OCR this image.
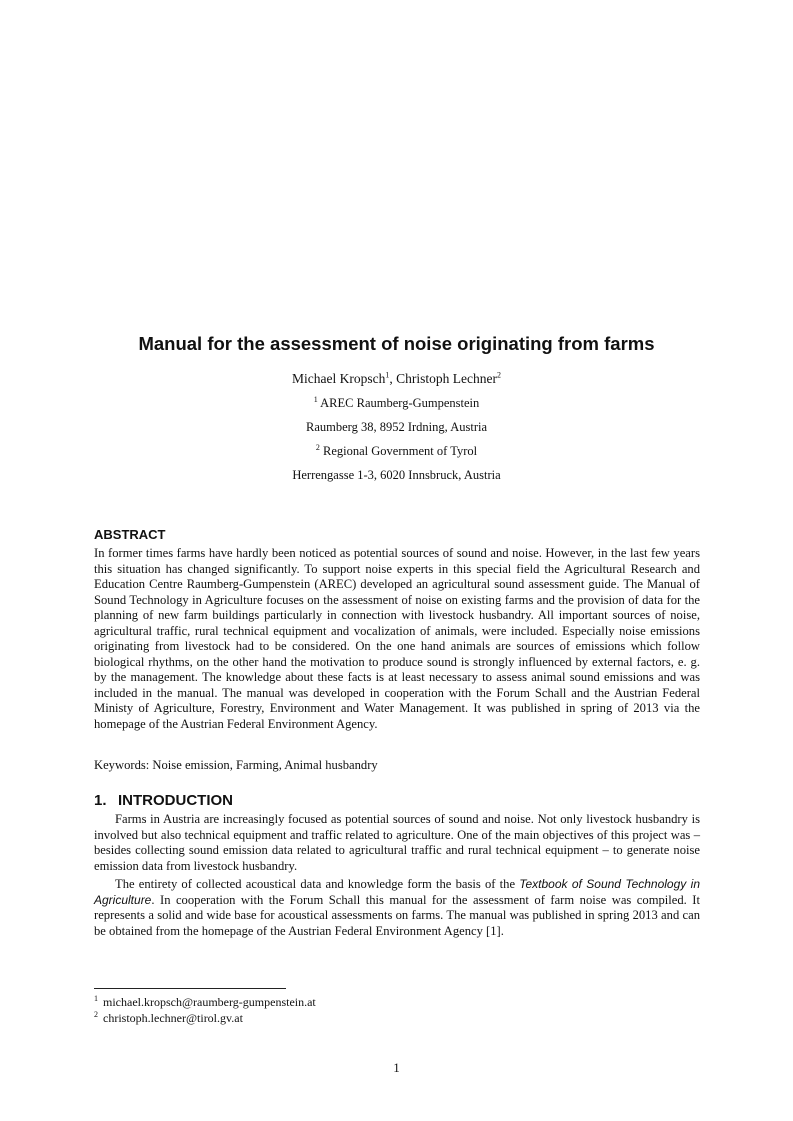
Manual for the assessment of noise originating from farms
Michael Kropsch$^1$, Christoph Lechner$^2$
$^1$ AREC Raumberg-Gumpenstein
Raumberg 38, 8952 Irdning, Austria
$^2$ Regional Government of Tyrol
Herrengasse 1-3, 6020 Innsbruck, Austria
ABSTRACT

In former times farms have hardly been noticed as potential sources of sound and noise. However, in the last few years this situation has changed significantly. To support noise experts in this special field the Agricultural Research and Education Centre Raumberg-Gumpenstein (AREC) developed an agricultural sound assessment guide. The Manual of Sound Technology in Agriculture focuses on the assessment of noise on existing farms and the provision of data for the planning of new farm buildings particularly in connection with livestock husbandry. All important sources of noise, agricultural traffic, rural technical equipment and vocalization of animals, were included. Especially noise emissions originating from livestock had to be considered. On the one hand animals are sources of emissions which follow biological rhythms, on the other hand the motivation to produce sound is strongly influenced by external factors, e. g. by the management. The knowledge about these facts is at least necessary to assess animal sound emissions and was included in the manual. The manual was developed in cooperation with the Forum Schall and the Austrian Federal Ministy of Agriculture, Forestry, Environment and Water Management. It was published in spring of 2013 via the homepage of the Austrian Federal Environment Agency.

Keywords: Noise emission, Farming, Animal husbandry

1. INTRODUCTION

Farms in Austria are increasingly focused as potential sources of sound and noise. Not only livestock husbandry is involved but also technical equipment and traffic related to agriculture. One of the main objectives of this project was – besides collecting sound emission data related to agricultural traffic and rural technical equipment – to generate noise emission data from livestock husbandry.

The entirety of collected acoustical data and knowledge form the basis of the Textbook of Sound Technology in Agriculture. In cooperation with the Forum Schall this manual for the assessment of farm noise was compiled. It represents a solid and wide base for acoustical assessments on farms. The manual was published in spring 2013 and can be obtained from the homepage of the Austrian Federal Environment Agency [1].

$^1$ michael.kropsch@raumberg-gumpenstein.at
$^2$ christoph.lechner@tirol.gv.at
1
